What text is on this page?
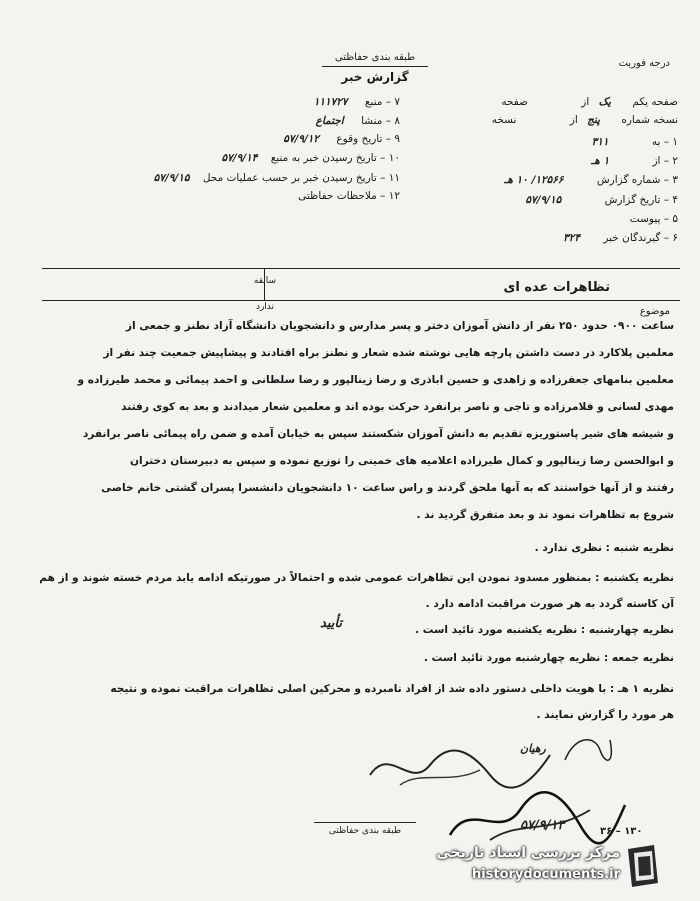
طبقه بندی حفاظتی
گزارش خبر
درجه فوریت
صفحه یکم یک از صفحه
نسخه شماره پنج از نسخه
۱ – به ۳۱۱
۲ – از ۱ هـ
۳ – شماره گزارش ۱۲۵۶۶/ ۱۰ هـ
۴ – تاریخ گزارش ۵۷/۹/۱۵
۵ – پیوست
۶ – گیرندگان خبر ۳۲۴
۷ – منبع ۱۱۱۷۲۷
۸ – منشا اجتماع
۹ – تاریخ وقوع ۵۷/۹/۱۲
۱۰ – تاریخ رسیدن خبر به منبع ۵۷/۹/۱۴
۱۱ – تاریخ رسیدن خبر بر حسب عملیات محل ۵۷/۹/۱۵
۱۲ – ملاحظات حفاظتی
موضوع
تظاهرات عده ای
سابقه
ندارد
ساعت ۰۹۰۰ حدود ۲۵۰ نفر از دانش آموزان دختر و پسر مدارس و دانشجویان دانشگاه آزاد نطنز و جمعی از
معلمین پلاکارد در دست داشتن پارچه هایی نوشته شده شعار و نطنز براه افتادند و پیشاپیش جمعیت چند نفر از
معلمین بنامهای جعفرزاده و زاهدی و حسین اباذری و رضا زینالپور و رضا سلطانی و احمد پیمائی و محمد طیرزاده و
مهدی لسانی و فلامرزاده و تاجی و ناصر برانفرد حرکت بوده اند و معلمین شعار میدادند و بعد به کوی رفتند
و شیشه های شیر پاستوریزه تقدیم به دانش آموزان شکستند سپس به خیابان آمده و ضمن راه پیمائی ناصر برانفرد
و ابوالحسن رضا زینالپور و کمال طیرزاده اعلامیه های خمینی را توزیع نموده و سپس به دبیرستان دختران
رفتند و از آنها خواستند که به آنها ملحق گردند و راس ساعت ۱۰ دانشجویان دانشسرا پسران گشتی خانم خاصی
شروع به تظاهرات نمود ند و بعد متفرق گردید ند .
نظریه شنبه : نظری ندارد .
نظریه یکشنبه : بمنظور مسدود نمودن این تظاهرات عمومی شده و احتمالاً در صورتیکه ادامه یابد مردم خسته شوند و از هم
آن کاسته گردد به هر صورت مراقبت ادامه دارد .
نظریه چهارشنبه : نظریه یکشنبه مورد تائید است .
تأیید
نظریه جمعه : نظریه چهارشنبه مورد تائید است .
نظریه ۱ هـ : با هویت داخلی دستور داده شد از افراد نامبرده و محرکین اصلی تظاهرات مراقبت نموده و نتیجه
هر مورد را گزارش نمایند .
رهیان
طبقه بندی حفاظتی	۵۷/۹/۱۳	۱۳۰ – ۳۶
مرکز بررسی اسناد تاریخی
historydocuments.ir
